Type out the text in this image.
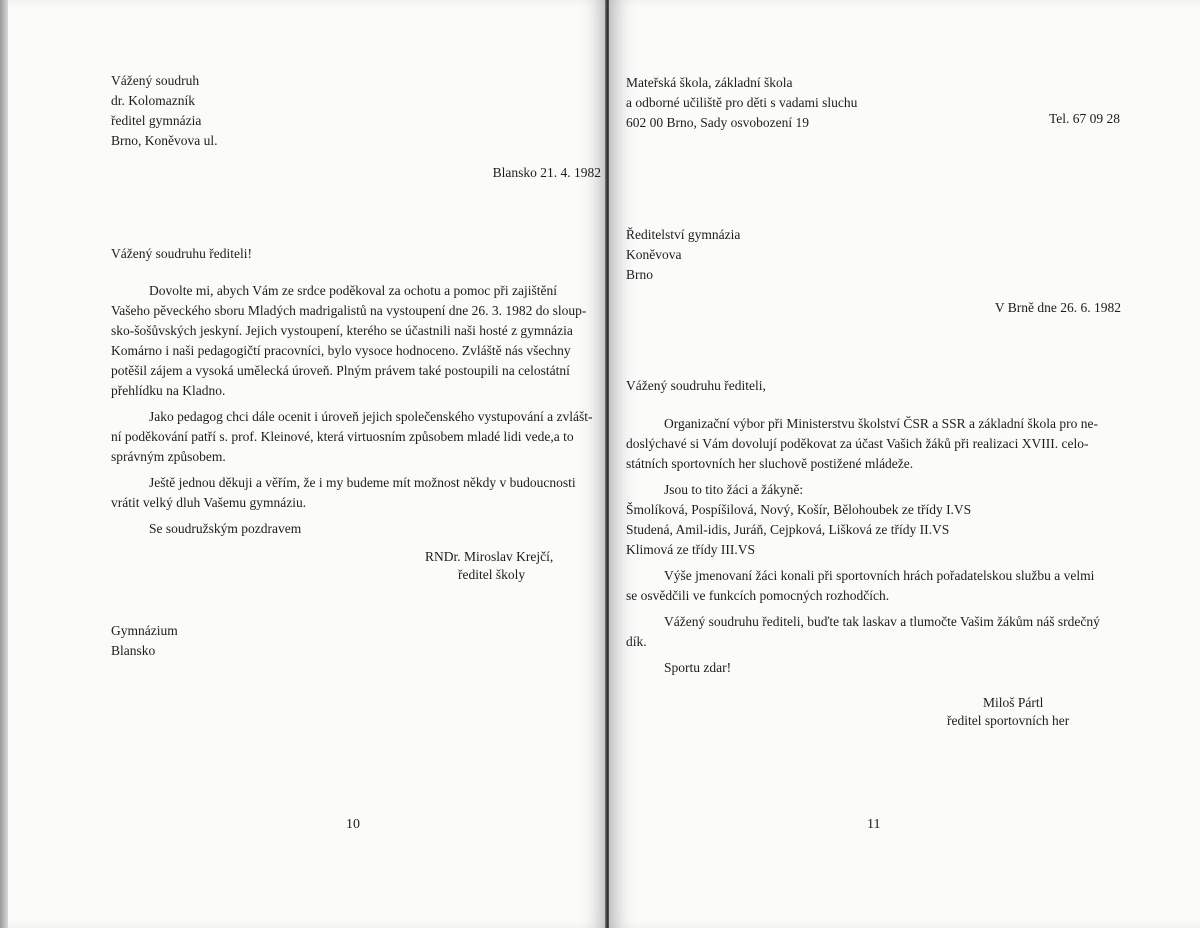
Vážený soudruh

dr. Kolomazník

ředitel gymnázia

Brno, Koněvova ul.

Blansko 21. 4. 1982
Vážený soudruhu řediteli!

Dovolte mi, abych Vám ze srdce poděkoval za ochotu a pomoc při zajištění

Vašeho pěveckého sboru Mladých madrigalistů na vystoupení dne 26. 3. 1982 do sloup-

sko-šošůvských jeskyní. Jejich vystoupení, kterého se účastnili naši hosté z gymnázia

Komárno i naši pedagogičtí pracovníci, bylo vysoce hodnoceno. Zvláště nás všechny

potěšil zájem a vysoká umělecká úroveň. Plným právem také postoupili na celostátní

přehlídku na Kladno.

Jako pedagog chci dále ocenit i úroveň jejich společenského vystupování a zvlášt-

ní poděkování patří s. prof. Kleinové, která virtuosním způsobem mladé lidi vede,a to

správným způsobem.

Ještě jednou děkuji a věřím, že i my budeme mít možnost někdy v budoucnosti

vrátit velký dluh Vašemu gymnáziu.

Se soudružským pozdravem

RNDr. Miroslav Krejčí,
ředitel školy

Gymnázium

Blansko

10

Mateřská škola, základní škola

a odborné učiliště pro děti s vadami sluchu

602 00 Brno, Sady osvobození 19	Tel. 67 09 28

Ředitelství gymnázia

Koněvova

Brno

V Brně dne 26. 6. 1982
Vážený soudruhu řediteli,

Organizační výbor při Ministerstvu školství ČSR a SSR a základní škola pro ne-

doslýchavé si Vám dovolují poděkovat za účast Vašich žáků při realizaci XVIII. celo-

státních sportovních her sluchově postižené mládeže.

Jsou to tito žáci a žákyně:

Šmolíková, Pospíšilová, Nový, Košír, Bělohoubek ze třídy I.VS

Studená, Amil-idis, Juráň, Cejpková, Lišková ze třídy II.VS

Klimová ze třídy III.VS

Výše jmenovaní žáci konali při sportovních hrách pořadatelskou službu a velmi

se osvědčili ve funkcích pomocných rozhodčích.

Vážený soudruhu řediteli, buďte tak laskav a tlumočte Vašim žákům náš srdečný

dík.

Sportu zdar!

Miloš Pártl
ředitel sportovních her
11
